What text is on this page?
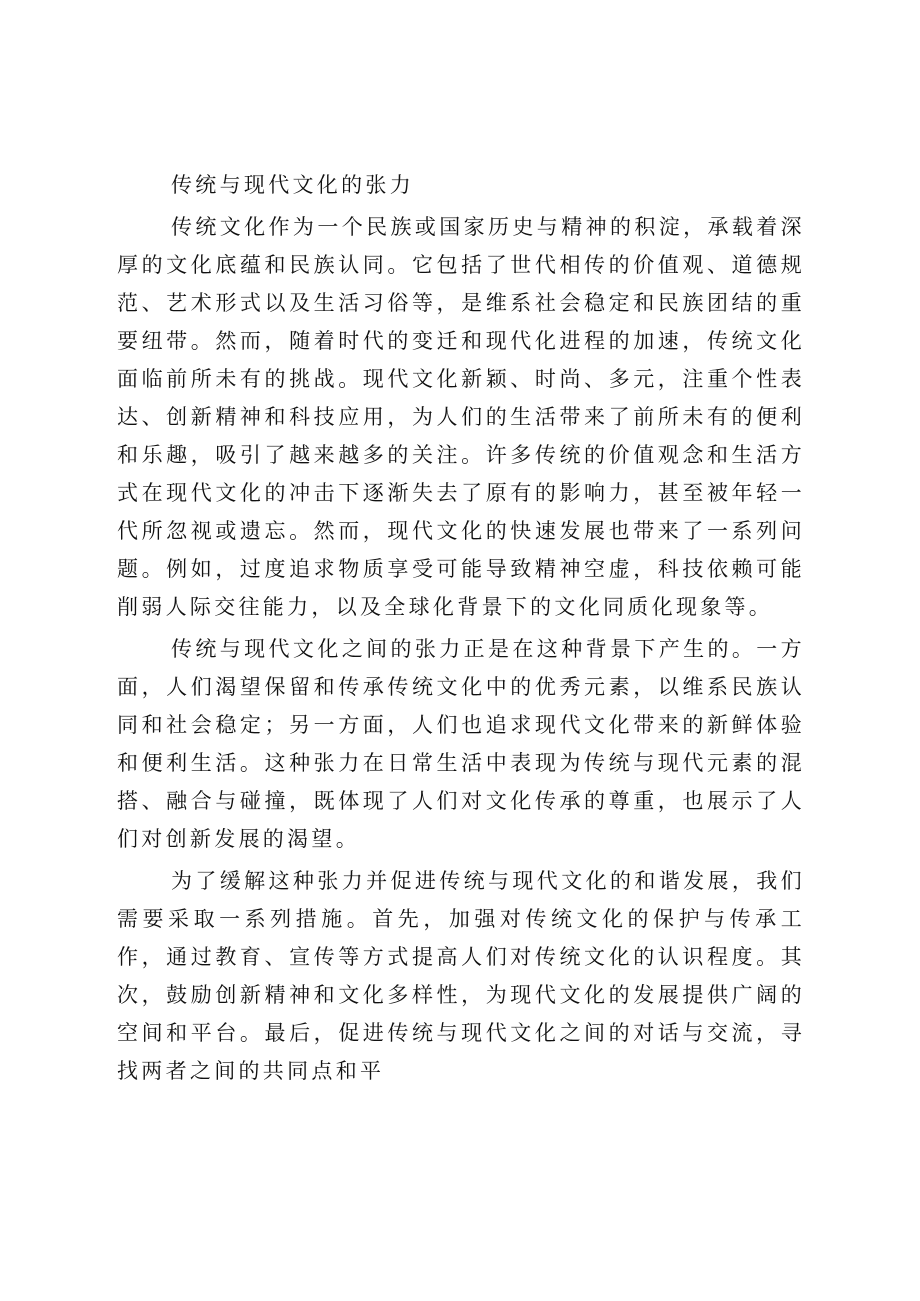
传统与现代文化的张力

传统文化作为一个民族或国家历史与精神的积淀，承载着深厚的文化底蕴和民族认同。它包括了世代相传的价值观、道德规范、艺术形式以及生活习俗等，是维系社会稳定和民族团结的重要纽带。然而，随着时代的变迁和现代化进程的加速，传统文化面临前所未有的挑战。现代文化新颖、时尚、多元，注重个性表达、创新精神和科技应用，为人们的生活带来了前所未有的便利和乐趣，吸引了越来越多的关注。许多传统的价值观念和生活方式在现代文化的冲击下逐渐失去了原有的影响力，甚至被年轻一代所忽视或遗忘。然而，现代文化的快速发展也带来了一系列问题。例如，过度追求物质享受可能导致精神空虚，科技依赖可能削弱人际交往能力，以及全球化背景下的文化同质化现象等。

传统与现代文化之间的张力正是在这种背景下产生的。一方面，人们渴望保留和传承传统文化中的优秀元素，以维系民族认同和社会稳定；另一方面，人们也追求现代文化带来的新鲜体验和便利生活。这种张力在日常生活中表现为传统与现代元素的混搭、融合与碰撞，既体现了人们对文化传承的尊重，也展示了人们对创新发展的渴望。

为了缓解这种张力并促进传统与现代文化的和谐发展，我们需要采取一系列措施。首先，加强对传统文化的保护与传承工作，通过教育、宣传等方式提高人们对传统文化的认识程度。其次，鼓励创新精神和文化多样性，为现代文化的发展提供广阔的空间和平台。最后，促进传统与现代文化之间的对话与交流，寻找两者之间的共同点和平
